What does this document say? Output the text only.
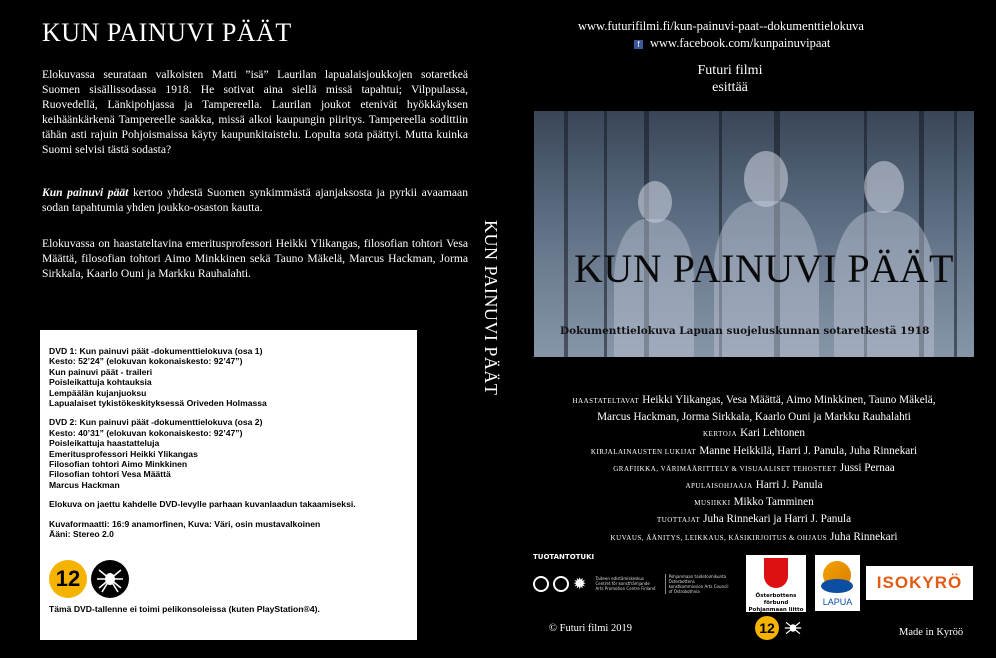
KUN PAINUVI PÄÄT
Elokuvassa seurataan valkoisten Matti ”isä” Laurilan lapualaisjoukkojen sotaretkeä Suomen sisällissodassa 1918. He sotivat aina siellä missä tapahtui; Vilppulassa, Ruovedellä, Länkipohjassa ja Tampereella. Laurilan joukot etenivät hyökkäyksen keihäänkärkenä Tampereelle saakka, missä alkoi kaupungin piiritys. Tampereella sodittiin tähän asti rajuin Pohjoismaissa käyty kaupunkitaistelu. Lopulta sota päättyi. Mutta kuinka Suomi selvisi tästä sodasta?
Kun painuvi päät kertoo yhdestä Suomen synkimmästä ajanjaksosta ja pyrkii avaamaan sodan tapahtumia yhden joukko-osaston kautta.
Elokuvassa on haastateltavina emeritusprofessori Heikki Ylikangas, filosofian tohtori Vesa Määttä, filosofian tohtori Aimo Minkkinen sekä Tauno Mäkelä, Marcus Hackman, Jorma Sirkkala, Kaarlo Ouni ja Markku Rauhalahti.
DVD 1: Kun painuvi päät -dokumenttielokuva (osa 1)
Kesto: 52’24” (elokuvan kokonaiskesto: 92’47”)
Kun painuvi päät - traileri
Poisleikattuja kohtauksia
Lempäälän kujanjuoksu
Lapualaiset tykistökeskityksessä Oriveden Holmassa
DVD 2: Kun painuvi päät -dokumenttielokuva (osa 2)
Kesto: 40’31” (elokuvan kokonaiskesto: 92’47”)
Poisleikattuja haastatteluja
Emeritusprofessori Heikki Ylikangas
Filosofian tohtori Aimo Minkkinen
Filosofian tohtori Vesa Määttä
Marcus Hackman
Elokuva on jaettu kahdelle DVD-levylle parhaan kuvanlaadun takaamiseksi.
Kuvaformaatti: 16:9 anamorfinen, Kuva: Väri, osin mustavalkoinen
Ääni: Stereo 2.0
12
Tämä DVD-tallenne ei toimi pelikonsoleissa (kuten PlayStation®4).
KUN PAINUVI PÄÄT
www.futurifilmi.fi/kun-painuvi-paat--dokumenttielokuva
f www.facebook.com/kunpainuvipaat
Futuri filmi
esittää
KUN PAINUVI PÄÄT
Dokumenttielokuva Lapuan suojeluskunnan sotaretkestä 1918
HAASTATELTAVAT Heikki Ylikangas, Vesa Määttä, Aimo Minkkinen, Tauno Mäkelä,
Marcus Hackman, Jorma Sirkkala, Kaarlo Ouni ja Markku Rauhalahti
KERTOJA Kari Lehtonen
KIRJALAINAUSTEN LUKIJAT Manne Heikkilä, Harri J. Panula, Juha Rinnekari
GRAFIIKKA, VÄRIMÄÄRITTELY & VISUAALISET TEHOSTEET Jussi Pernaa
APULAISOHJAAJA Harri J. Panula
MUSIIKKI Mikko Tamminen
TUOTTAJAT Juha Rinnekari ja Harri J. Panula
KUVAUS, ÄÄNITYS, LEIKKAUS, KÄSIKIRJOITUS & OHJAUS Juha Rinnekari
TUOTANTOTUKI
✹ Taiteen edistämiskeskus Centret för konstfrämjande Arts Promotion Centre Finland Pohjanmaan taidetoimikunta Österbottens konstkommission Arts Council of Ostrobothnia
Österbottens förbund Pohjanmaan liitto
LAPUA
ISOKYRÖ
12
© Futuri filmi 2019	Made in Kyröö
